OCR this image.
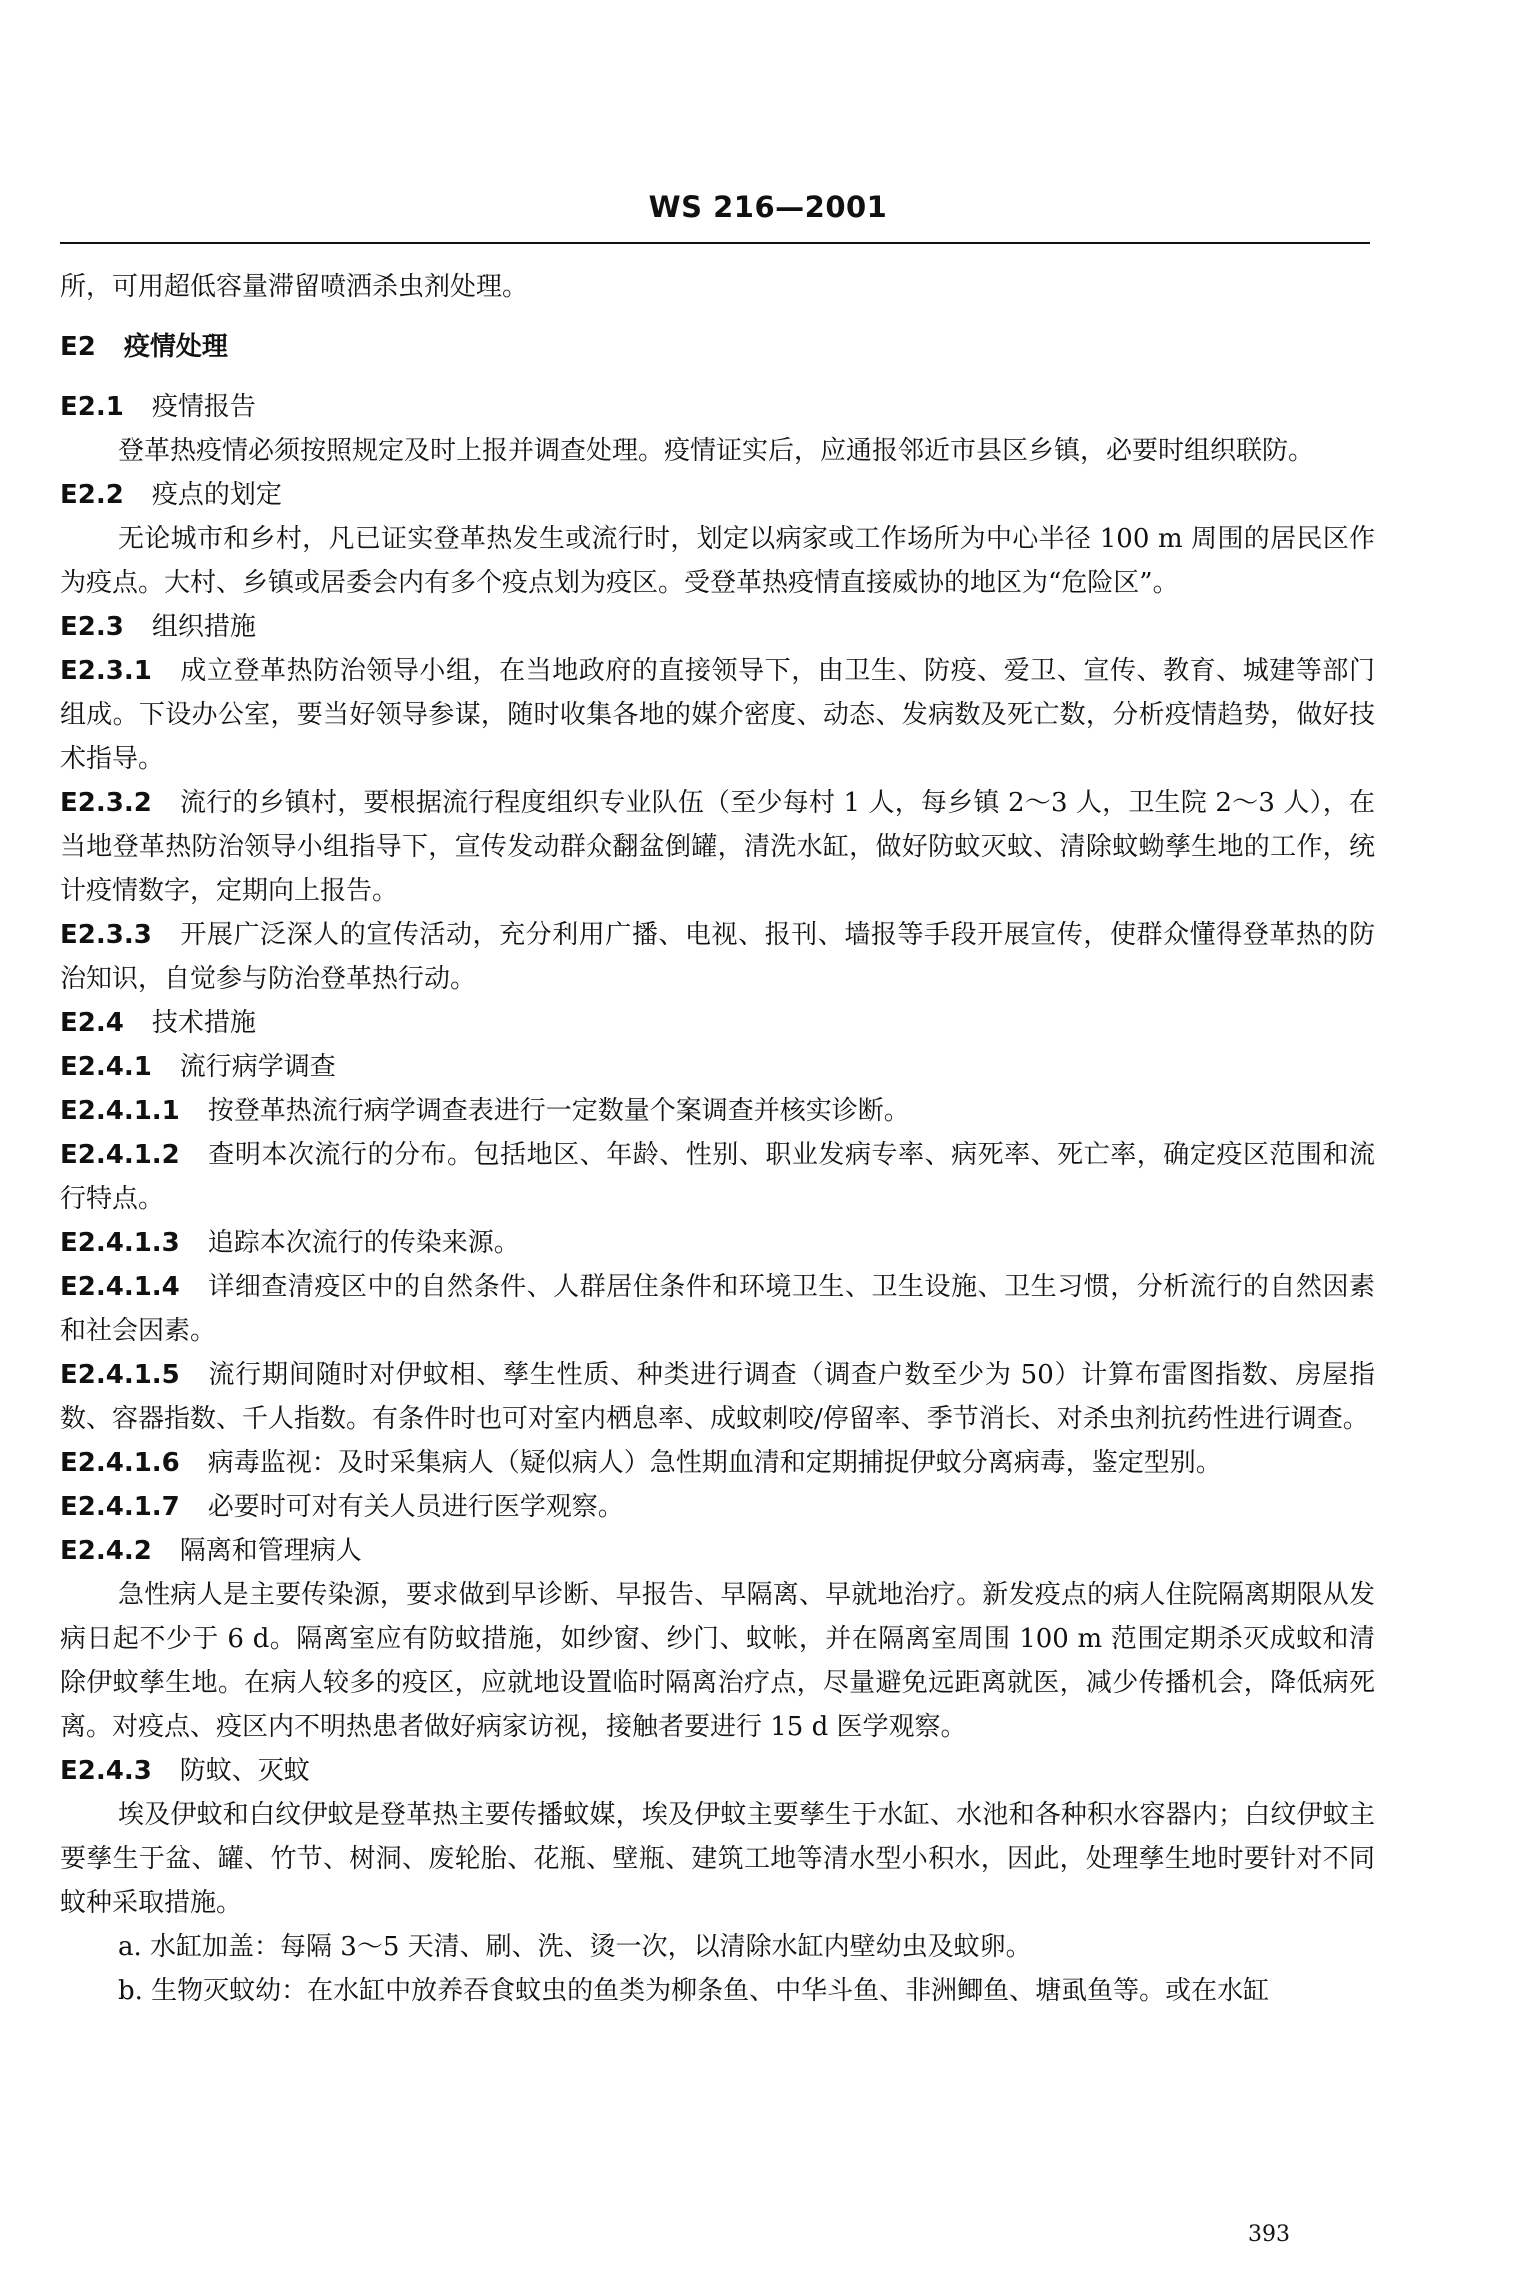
WS 216—2001

所，可用超低容量滞留喷洒杀虫剂处理。

E2 疫情处理

E2.1 疫情报告

登革热疫情必须按照规定及时上报并调查处理。疫情证实后，应通报邻近市县区乡镇，必要时组织联防。

E2.2 疫点的划定

无论城市和乡村，凡已证实登革热发生或流行时，划定以病家或工作场所为中心半径 100 m 周围的居民区作为疫点。大村、乡镇或居委会内有多个疫点划为疫区。受登革热疫情直接威协的地区为“危险区”。

E2.3 组织措施

E2.3.1 成立登革热防治领导小组，在当地政府的直接领导下，由卫生、防疫、爱卫、宣传、教育、城建等部门组成。下设办公室，要当好领导参谋，随时收集各地的媒介密度、动态、发病数及死亡数，分析疫情趋势，做好技术指导。

E2.3.2 流行的乡镇村，要根据流行程度组织专业队伍（至少每村 1 人，每乡镇 2～3 人，卫生院 2～3 人），在当地登革热防治领导小组指导下，宣传发动群众翻盆倒罐，清洗水缸，做好防蚊灭蚊、清除蚊蚴孳生地的工作，统计疫情数字，定期向上报告。

E2.3.3 开展广泛深人的宣传活动，充分利用广播、电视、报刊、墙报等手段开展宣传，使群众懂得登革热的防治知识，自觉参与防治登革热行动。

E2.4 技术措施

E2.4.1 流行病学调查

E2.4.1.1 按登革热流行病学调查表进行一定数量个案调查并核实诊断。

E2.4.1.2 查明本次流行的分布。包括地区、年龄、性别、职业发病专率、病死率、死亡率，确定疫区范围和流行特点。

E2.4.1.3 追踪本次流行的传染来源。

E2.4.1.4 详细查清疫区中的自然条件、人群居住条件和环境卫生、卫生设施、卫生习惯，分析流行的自然因素和社会因素。

E2.4.1.5 流行期间随时对伊蚊相、孳生性质、种类进行调查（调查户数至少为 50）计算布雷图指数、房屋指数、容器指数、千人指数。有条件时也可对室内栖息率、成蚊刺咬/停留率、季节消长、对杀虫剂抗药性进行调查。

E2.4.1.6 病毒监视：及时采集病人（疑似病人）急性期血清和定期捕捉伊蚊分离病毒，鉴定型别。

E2.4.1.7 必要时可对有关人员进行医学观察。

E2.4.2 隔离和管理病人

急性病人是主要传染源，要求做到早诊断、早报告、早隔离、早就地治疗。新发疫点的病人住院隔离期限从发病日起不少于 6 d。隔离室应有防蚊措施，如纱窗、纱门、蚊帐，并在隔离室周围 100 m 范围定期杀灭成蚊和清除伊蚊孳生地。在病人较多的疫区，应就地设置临时隔离治疗点，尽量避免远距离就医，减少传播机会，降低病死离。对疫点、疫区内不明热患者做好病家访视，接触者要进行 15 d 医学观察。

E2.4.3 防蚊、灭蚊

埃及伊蚊和白纹伊蚊是登革热主要传播蚊媒，埃及伊蚊主要孳生于水缸、水池和各种积水容器内；白纹伊蚊主要孳生于盆、罐、竹节、树洞、废轮胎、花瓶、壁瓶、建筑工地等清水型小积水，因此，处理孳生地时要针对不同蚊种采取措施。

a. 水缸加盖：每隔 3～5 天清、刷、洗、烫一次，以清除水缸内壁幼虫及蚊卵。

b. 生物灭蚊幼：在水缸中放养吞食蚊虫的鱼类为柳条鱼、中华斗鱼、非洲鲫鱼、塘虱鱼等。或在水缸

393
